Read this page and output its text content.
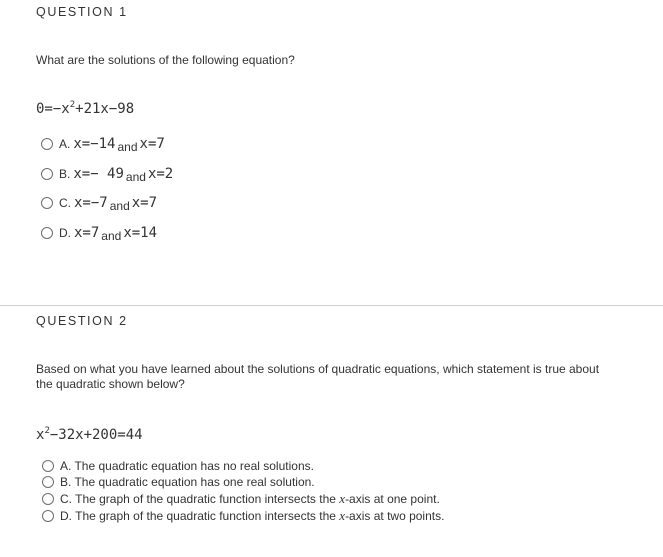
QUESTION 1
What are the solutions of the following equation?
$0=-x^2+21x-98$
A. x=−14 and x=7
B. x=− 49 and x=2
C. x=−7 and x=7
D. x=7 and x=14
QUESTION 2
Based on what you have learned about the solutions of quadratic equations, which statement is true about
the quadratic shown below?
$x^2-32x+200=44$
A. The quadratic equation has no real solutions.
B. The quadratic equation has one real solution.
C. The graph of the quadratic function intersects the x-axis at one point.
D. The graph of the quadratic function intersects the x-axis at two points.
